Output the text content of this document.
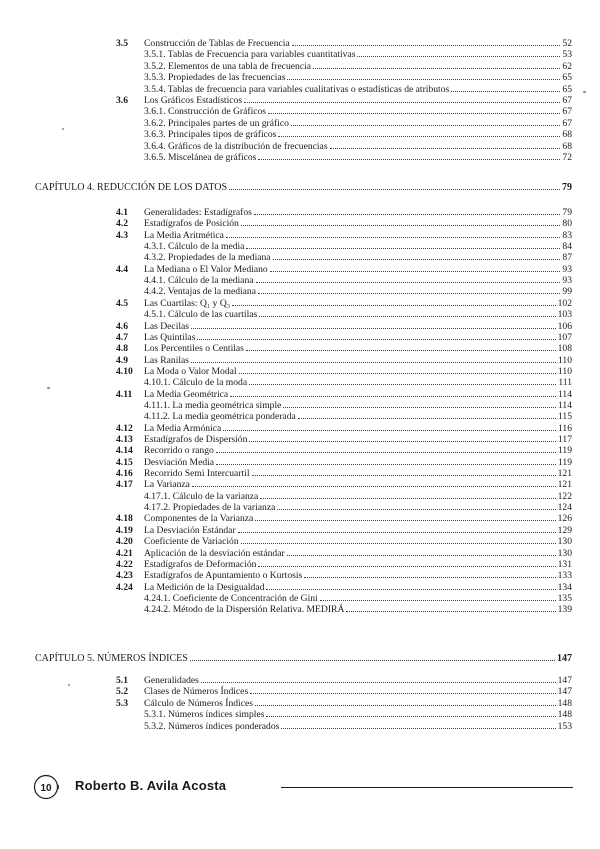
3.5 Construcción de Tablas de Frecuencia	52
3.5.1. Tablas de Frecuencia para variables cuantitativas	53
3.5.2. Elementos de una tabla de frecuencia	62
3.5.3. Propiedades de las frecuencias	65
3.5.4. Tablas de frecuencia para variables cualitativas o estadísticas de atributos	65
3.6 Los Gráficos Estadísticos	67
3.6.1. Construcción de Gráficos	67
3.6.2. Principales partes de un gráfico	67
3.6.3. Principales tipos de gráficos	68
3.6.4. Gráficos de la distribución de frecuencias	68
3.6.5. Miscelánea de gráficos	72
CAPÍTULO 4. REDUCCIÓN DE LOS DATOS	79
4.1 Generalidades: Estadígrafos	79
4.2 Estadígrafos de Posición	80
4.3 La Media Aritmética	83
4.3.1. Cálculo de la media	84
4.3.2. Propiedades de la mediana	87
4.4 La Mediana o El Valor Mediano	93
4.4.1. Cálculo de la mediana	93
4.4.2. Ventajas de la mediana	99
4.5 Las Cuartilas: Q₁ y Q₃	102
4.5.1. Cálculo de las cuartilas	103
4.6 Las Decilas	106
4.7 Las Quintilas	107
4.8 Los Percentiles o Centilas	108
4.9 Las Ranilas	110
4.10 La Moda o Valor Modal	110
4.10.1. Cálculo de la moda	111
4.11 La Media Geométrica	114
4.11.1. La media geométrica simple	114
4.11.2. La media geométrica ponderada	115
4.12 La Media Armónica	116
4.13 Estadígrafos de Dispersión	117
4.14 Recorrido o rango	119
4.15 Desviación Media	119
4.16 Recorrido Semi Intercuartil	121
4.17 La Varianza	121
4.17.1. Cálculo de la varianza	122
4.17.2. Propiedades de la varianza	124
4.18 Componentes de la Varianza	126
4.19 La Desviación Estándar	129
4.20 Coeficiente de Variación	130
4.21 Aplicación de la desviación estándar	130
4.22 Estadígrafos de Deformación	131
4.23 Estadígrafos de Apuntamiento o Kurtosis	133
4.24 La Medición de la Desigualdad	134
4.24.1. Coeficiente de Concentración de Gini	135
4.24.2. Método de la Dispersión Relativa. MEDIRÁ	139
CAPÍTULO 5. NÚMEROS ÍNDICES	147
5.1 Generalidades	147
5.2 Clases de Números Índices	147
5.3 Cálculo de Números Índices	148
5.3.1. Números índices simples	148
5.3.2. Números índices ponderados	153
10 Roberto B. Avila Acosta
